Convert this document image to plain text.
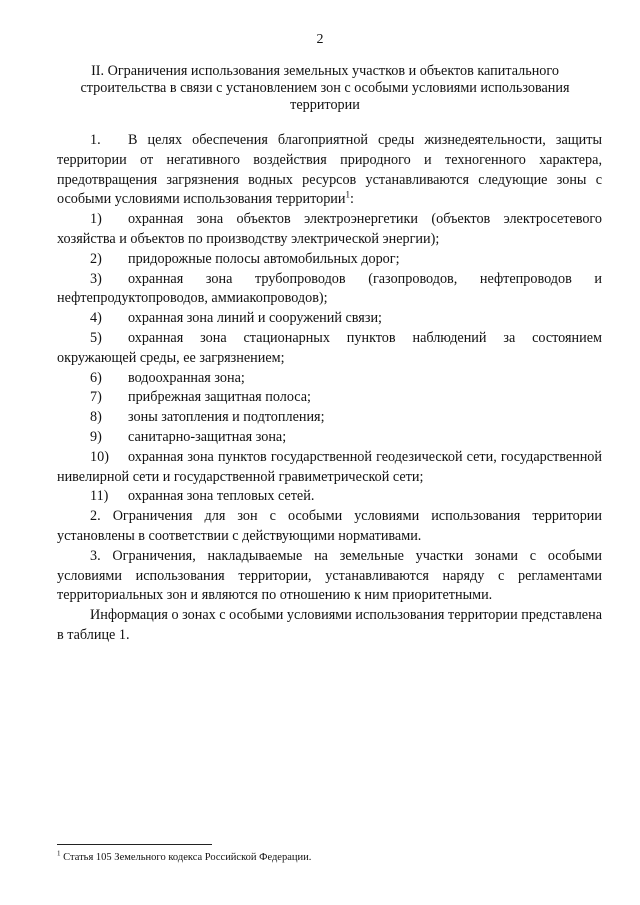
2
II. Ограничения использования земельных участков и объектов капитального строительства в связи с установлением зон с особыми условиями использования территории

1. В целях обеспечения благоприятной среды жизнедеятельности, защиты территории от негативного воздействия природного и техногенного характера, предотвращения загрязнения водных ресурсов устанавливаются следующие зоны с особыми условиями использования территории$^1$:

1) охранная зона объектов электроэнергетики (объектов электросетевого хозяйства и объектов по производству электрической энергии);

2) придорожные полосы автомобильных дорог;

3) охранная зона трубопроводов (газопроводов, нефтепроводов и нефтепродуктопроводов, аммиакопроводов);

4) охранная зона линий и сооружений связи;

5) охранная зона стационарных пунктов наблюдений за состоянием окружающей среды, ее загрязнением;

6) водоохранная зона;

7) прибрежная защитная полоса;

8) зоны затопления и подтопления;

9) санитарно-защитная зона;

10) охранная зона пунктов государственной геодезической сети, государственной нивелирной сети и государственной гравиметрической сети;

11) охранная зона тепловых сетей.

2. Ограничения для зон с особыми условиями использования территории установлены в соответствии с действующими нормативами.

3. Ограничения, накладываемые на земельные участки зонами с особыми условиями использования территории, устанавливаются наряду с регламентами территориальных зон и являются по отношению к ним приоритетными.

Информация о зонах с особыми условиями использования территории представлена в таблице 1.

$^1$ Статья 105 Земельного кодекса Российской Федерации.
